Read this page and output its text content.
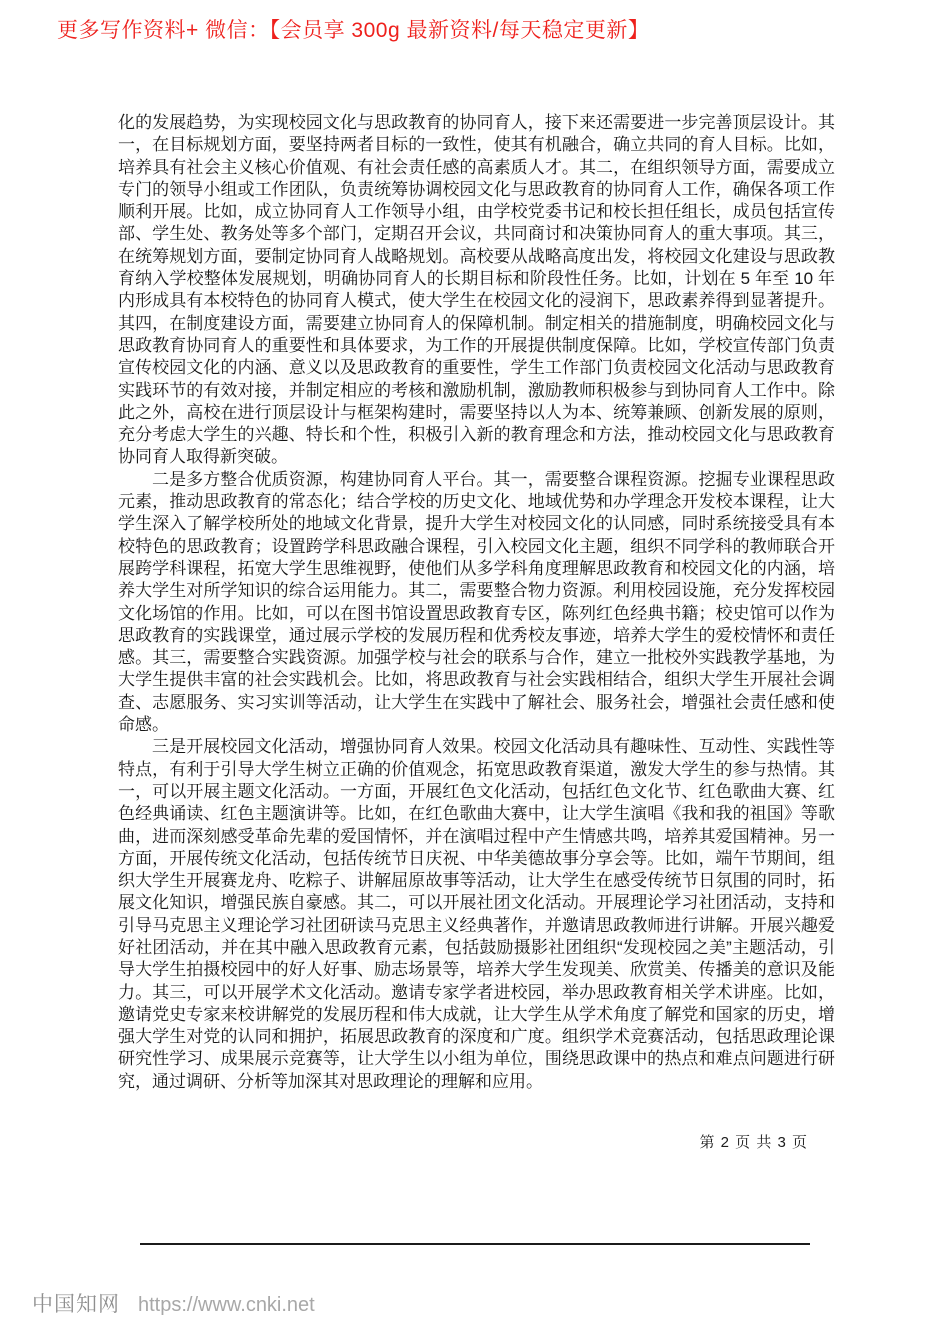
更多写作资料+ 微信：【会员享 300g 最新资料/每天稳定更新】

化的发展趋势，为实现校园文化与思政教育的协同育人，接下来还需要进一步完善顶层设计。其一，在目标规划方面，要坚持两者目标的一致性，使其有机融合，确立共同的育人目标。比如，培养具有社会主义核心价值观、有社会责任感的高素质人才。其二，在组织领导方面，需要成立专门的领导小组或工作团队，负责统筹协调校园文化与思政教育的协同育人工作，确保各项工作顺利开展。比如，成立协同育人工作领导小组，由学校党委书记和校长担任组长，成员包括宣传部、学生处、教务处等多个部门，定期召开会议，共同商讨和决策协同育人的重大事项。其三，在统筹规划方面，要制定协同育人战略规划。高校要从战略高度出发，将校园文化建设与思政教育纳入学校整体发展规划，明确协同育人的长期目标和阶段性任务。比如，计划在 5 年至 10 年内形成具有本校特色的协同育人模式，使大学生在校园文化的浸润下，思政素养得到显著提升。其四，在制度建设方面，需要建立协同育人的保障机制。制定相关的措施制度，明确校园文化与思政教育协同育人的重要性和具体要求，为工作的开展提供制度保障。比如，学校宣传部门负责宣传校园文化的内涵、意义以及思政教育的重要性，学生工作部门负责校园文化活动与思政教育实践环节的有效对接，并制定相应的考核和激励机制，激励教师积极参与到协同育人工作中。除此之外，高校在进行顶层设计与框架构建时，需要坚持以人为本、统筹兼顾、创新发展的原则，充分考虑大学生的兴趣、特长和个性，积极引入新的教育理念和方法，推动校园文化与思政教育协同育人取得新突破。

二是多方整合优质资源，构建协同育人平台。其一，需要整合课程资源。挖掘专业课程思政元素，推动思政教育的常态化；结合学校的历史文化、地域优势和办学理念开发校本课程，让大学生深入了解学校所处的地域文化背景，提升大学生对校园文化的认同感，同时系统接受具有本校特色的思政教育；设置跨学科思政融合课程，引入校园文化主题，组织不同学科的教师联合开展跨学科课程，拓宽大学生思维视野，使他们从多学科角度理解思政教育和校园文化的内涵，培养大学生对所学知识的综合运用能力。其二，需要整合物力资源。利用校园设施，充分发挥校园文化场馆的作用。比如，可以在图书馆设置思政教育专区，陈列红色经典书籍；校史馆可以作为思政教育的实践课堂，通过展示学校的发展历程和优秀校友事迹，培养大学生的爱校情怀和责任感。其三，需要整合实践资源。加强学校与社会的联系与合作，建立一批校外实践教学基地，为大学生提供丰富的社会实践机会。比如，将思政教育与社会实践相结合，组织大学生开展社会调查、志愿服务、实习实训等活动，让大学生在实践中了解社会、服务社会，增强社会责任感和使命感。

三是开展校园文化活动，增强协同育人效果。校园文化活动具有趣味性、互动性、实践性等特点，有利于引导大学生树立正确的价值观念，拓宽思政教育渠道，激发大学生的参与热情。其一，可以开展主题文化活动。一方面，开展红色文化活动，包括红色文化节、红色歌曲大赛、红色经典诵读、红色主题演讲等。比如，在红色歌曲大赛中，让大学生演唱《我和我的祖国》等歌曲，进而深刻感受革命先辈的爱国情怀，并在演唱过程中产生情感共鸣，培养其爱国精神。另一方面，开展传统文化活动，包括传统节日庆祝、中华美德故事分享会等。比如，端午节期间，组织大学生开展赛龙舟、吃粽子、讲解屈原故事等活动，让大学生在感受传统节日氛围的同时，拓展文化知识，增强民族自豪感。其二，可以开展社团文化活动。开展理论学习社团活动，支持和引导马克思主义理论学习社团研读马克思主义经典著作，并邀请思政教师进行讲解。开展兴趣爱好社团活动，并在其中融入思政教育元素，包括鼓励摄影社团组织“发现校园之美”主题活动，引导大学生拍摄校园中的好人好事、励志场景等，培养大学生发现美、欣赏美、传播美的意识及能力。其三，可以开展学术文化活动。邀请专家学者进校园，举办思政教育相关学术讲座。比如，邀请党史专家来校讲解党的发展历程和伟大成就，让大学生从学术角度了解党和国家的历史，增强大学生对党的认同和拥护，拓展思政教育的深度和广度。组织学术竞赛活动，包括思政理论课研究性学习、成果展示竞赛等，让大学生以小组为单位，围绕思政课中的热点和难点问题进行研究，通过调研、分析等加深其对思政理论的理解和应用。

第 2 页 共 3 页
中国知网 https://www.cnki.net
